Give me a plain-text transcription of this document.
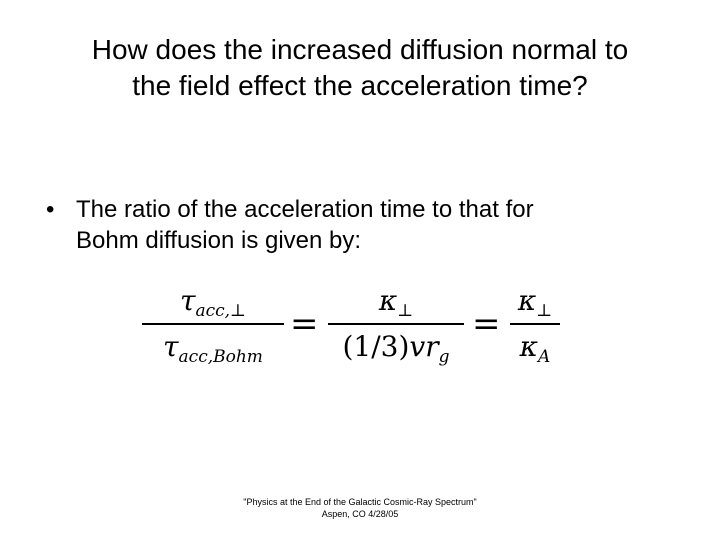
How does the increased diffusion normal to
the field effect the acceleration time?
• The ratio of the acceleration time to that for
Bohm diffusion is given by:
$\tau_{acc,\perp}$
$\tau_{acc,Bohm}$
=
$\kappa_\perp$
$(1/3)vr_g$
=
$\kappa_\perp$
$\kappa_A$
"Physics at the End of the Galactic Cosmic-Ray Spectrum"
Aspen, CO 4/28/05
